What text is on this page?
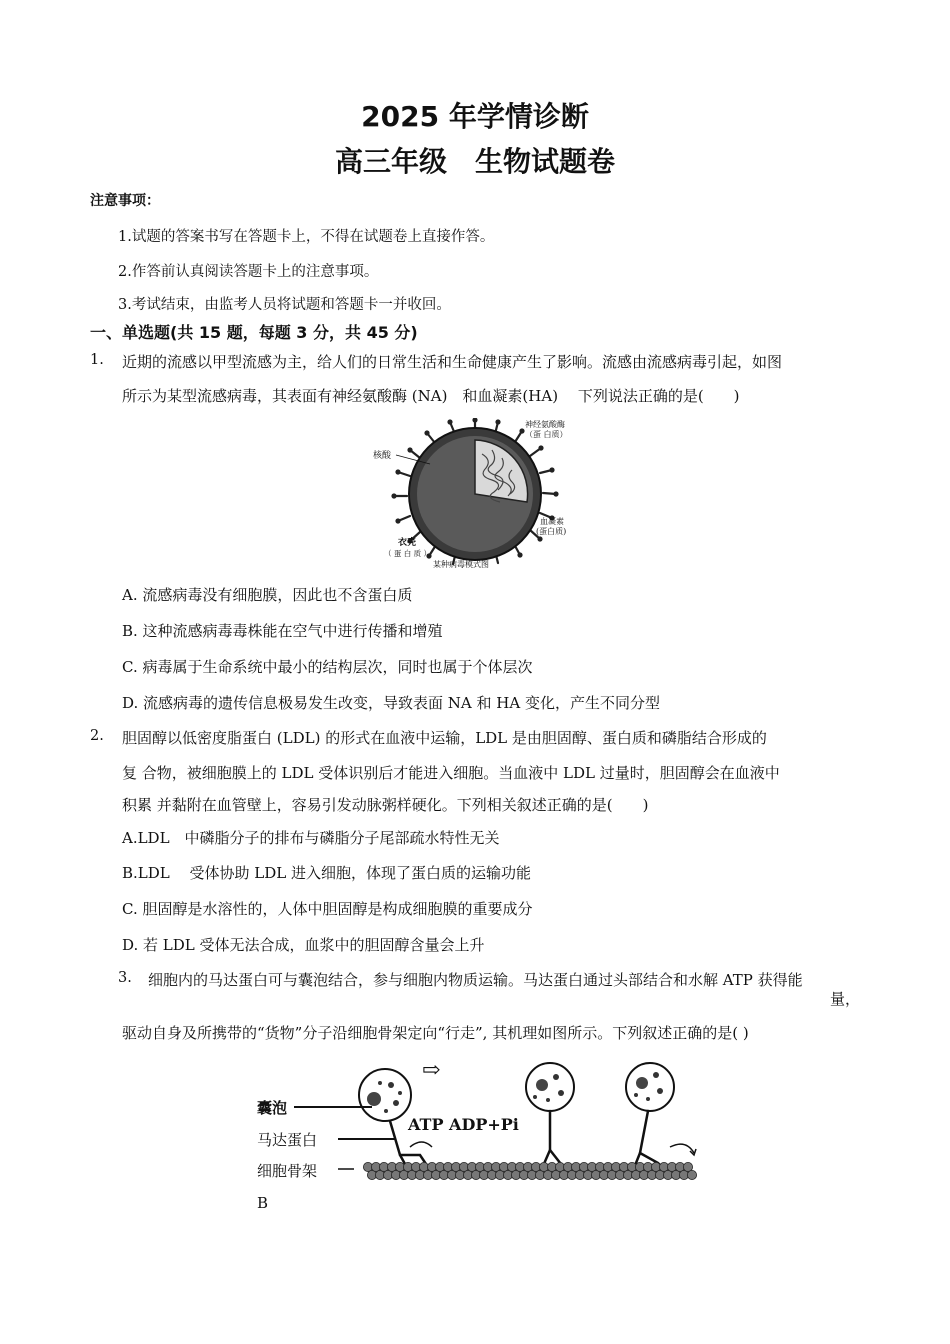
2025 年学情诊断
高三年级　生物试题卷
注意事项：
1.试题的答案书写在答题卡上，不得在试题卷上直接作答。
2.作答前认真阅读答题卡上的注意事项。
3.考试结束，由监考人员将试题和答题卡一并收回。
一、单选题(共 15 题，每题 3 分，共 45 分)
1. 近期的流感以甲型流感为主，给人们的日常生活和生命健康产生了影响。流感由流感病毒引起，如图
所示为某型流感病毒，其表面有神经氨酸酶 (NA)　和血凝素(HA)　 下列说法正确的是(　　)
核酸
神经氨酸酶
（蛋 白质）
血凝素
(蛋白质)
衣壳
（ 蛋 白 质 ）
某种病毒模式图
A. 流感病毒没有细胞膜，因此也不含蛋白质
B. 这种流感病毒毒株能在空气中进行传播和增殖
C. 病毒属于生命系统中最小的结构层次，同时也属于个体层次
D. 流感病毒的遗传信息极易发生改变，导致表面 NA 和 HA 变化，产生不同分型
2. 胆固醇以低密度脂蛋白 (LDL) 的形式在血液中运输，LDL 是由胆固醇、蛋白质和磷脂结合形成的
复 合物，被细胞膜上的 LDL 受体识别后才能进入细胞。当血液中 LDL 过量时，胆固醇会在血液中
积累 并黏附在血管壁上，容易引发动脉粥样硬化。下列相关叙述正确的是(　　)
A.LDL　中磷脂分子的排布与磷脂分子尾部疏水特性无关
B.LDL　 受体协助 LDL 进入细胞，体现了蛋白质的运输功能
C. 胆固醇是水溶性的，人体中胆固醇是构成细胞膜的重要成分
D. 若 LDL 受体无法合成，血浆中的胆固醇含量会上升
3. 细胞内的马达蛋白可与囊泡结合，参与细胞内物质运输。马达蛋白通过头部结合和水解 ATP 获得能
量，
驱动自身及所携带的“货物”分子沿细胞骨架定向“行走”, 其机理如图所示。下列叙述正确的是( )
⇨
囊泡
马达蛋白
细胞骨架
B
ATP ADP+Pi
